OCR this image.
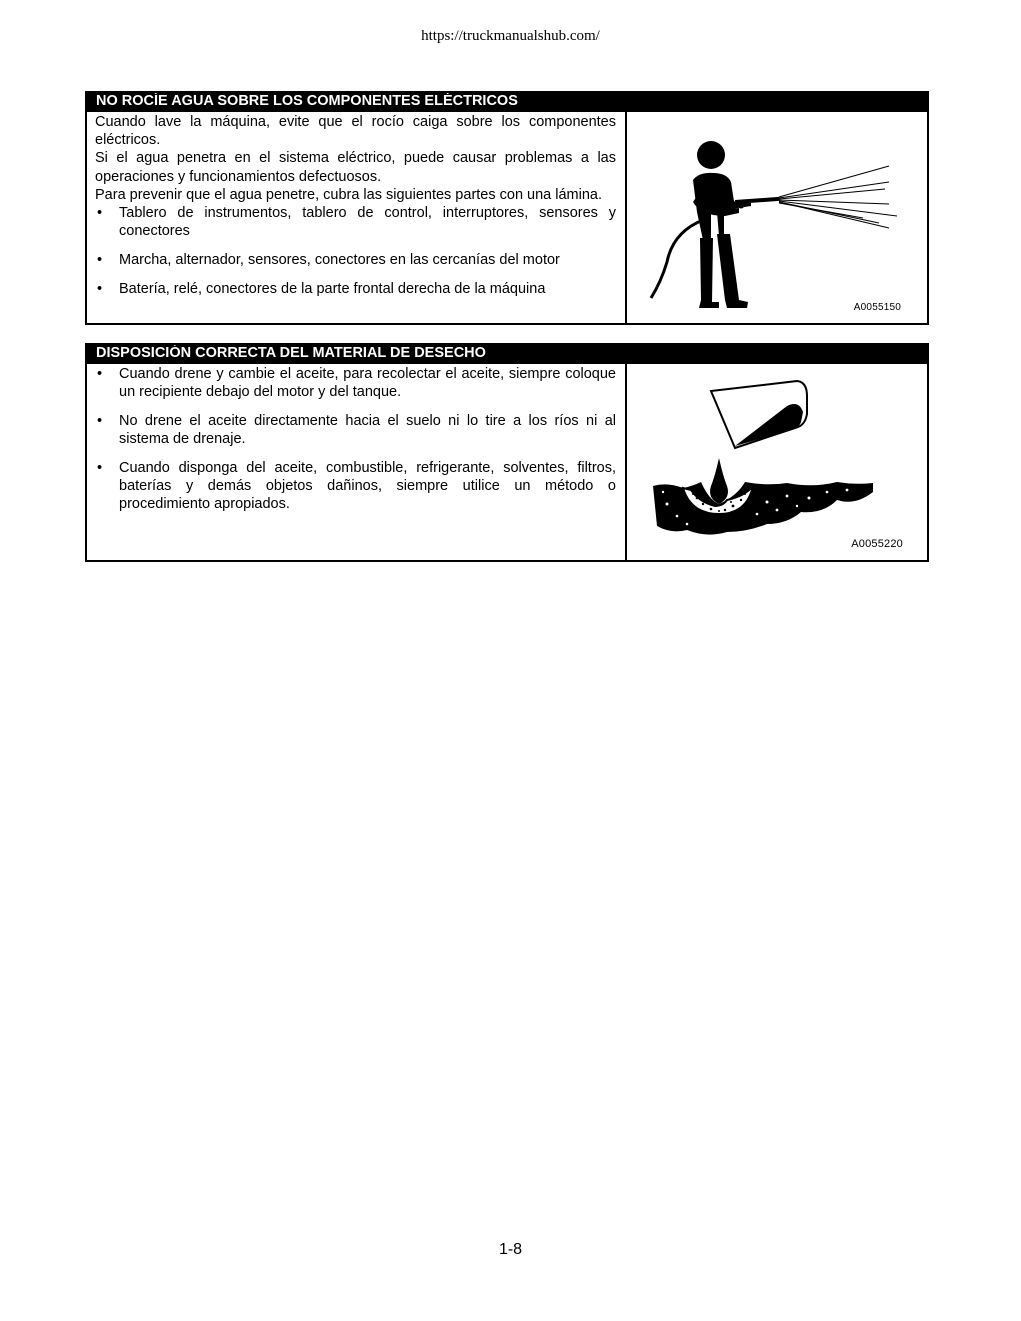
https://truckmanualshub.com/
NO ROCÍE AGUA SOBRE LOS COMPONENTES ELÉCTRICOS

Cuando lave la máquina, evite que el rocío caiga sobre los componentes eléctricos.

Si el agua penetra en el sistema eléctrico, puede causar problemas a las operaciones y funcionamientos defectuosos.

Para prevenir que el agua penetre, cubra las siguientes partes con una lámina.

• Tablero de instrumentos, tablero de control, interruptores, sensores y conectores
• Marcha, alternador, sensores, conectores en las cercanías del motor
• Batería, relé, conectores de la parte frontal derecha de la máquina
A0055150
DISPOSICIÓN CORRECTA DEL MATERIAL DE DESECHO
• Cuando drene y cambie el aceite, para recolectar el aceite, siempre coloque un recipiente debajo del motor y del tanque.
• No drene el aceite directamente hacia el suelo ni lo tire a los ríos ni al sistema de drenaje.
• Cuando disponga del aceite, combustible, refrigerante, solventes, filtros, baterías y demás objetos dañinos, siempre utilice un método o procedimiento apropiados.
A0055220
1-8
